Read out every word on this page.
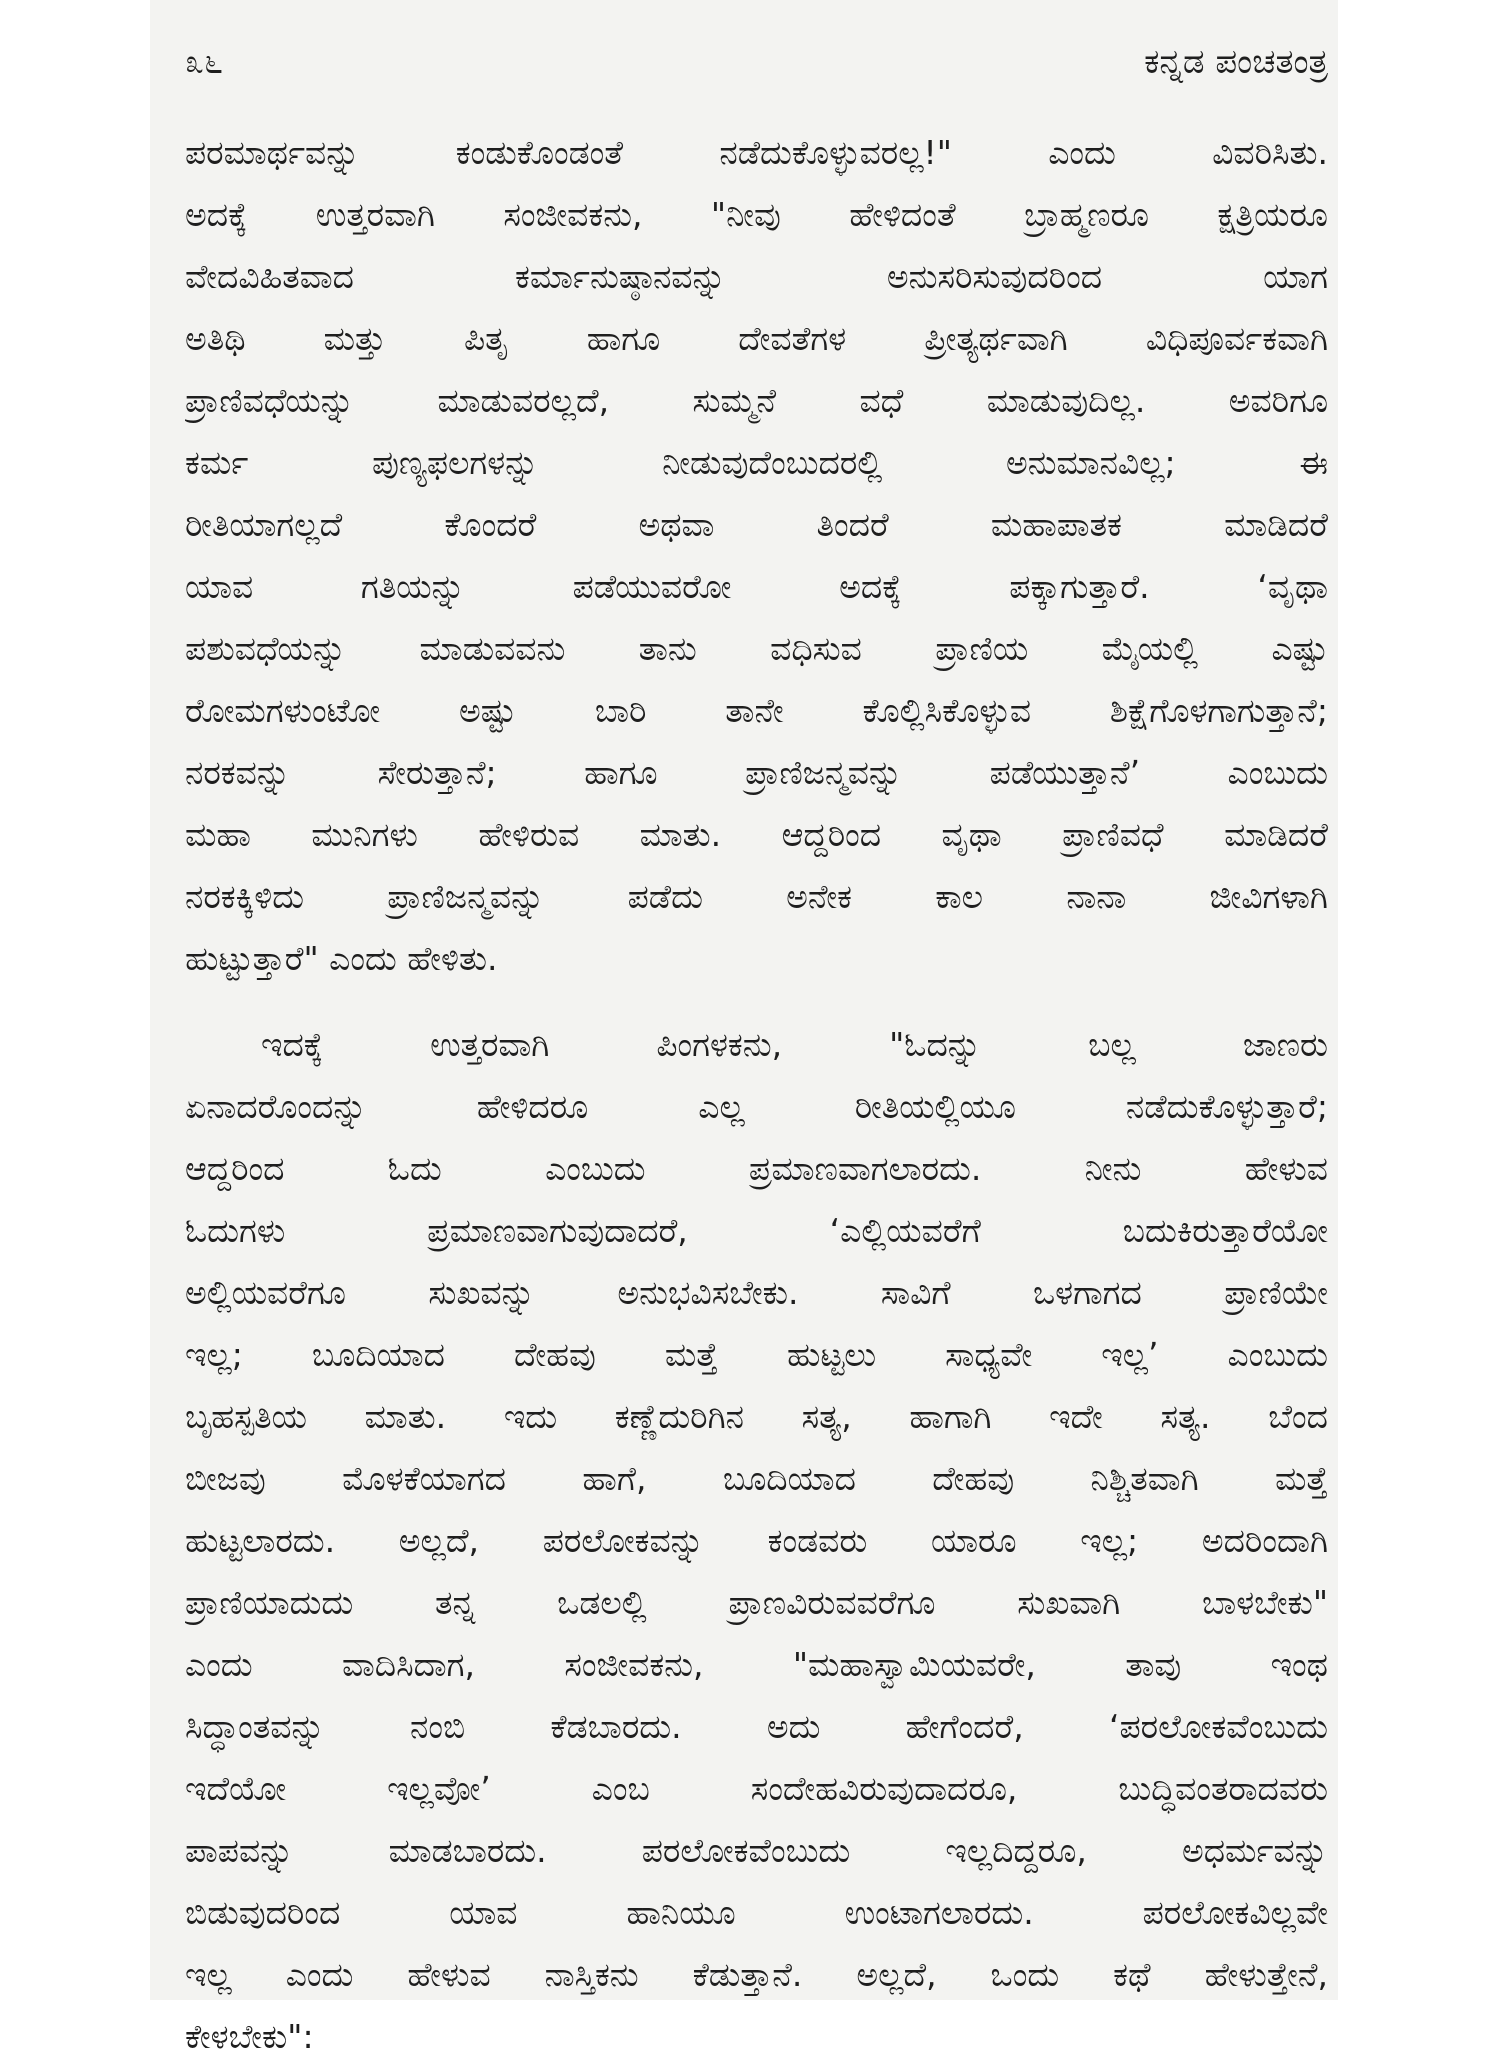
೩೬	ಕನ್ನಡ ಪಂಚತಂತ್ರ
ಪರಮಾರ್ಥವನ್ನು ಕಂಡುಕೊಂಡಂತೆ ನಡೆದುಕೊಳ್ಳುವರಲ್ಲ!" ಎಂದು ವಿವರಿಸಿತು.
ಅದಕ್ಕೆ ಉತ್ತರವಾಗಿ ಸಂಜೀವಕನು, "ನೀವು ಹೇಳಿದಂತೆ ಬ್ರಾಹ್ಮಣರೂ ಕ್ಷತ್ರಿಯರೂ
ವೇದವಿಹಿತವಾದ ಕರ್ಮಾನುಷ್ಠಾನವನ್ನು ಅನುಸರಿಸುವುದರಿಂದ ಯಾಗ
ಅತಿಥಿ ಮತ್ತು ಪಿತೃ ಹಾಗೂ ದೇವತೆಗಳ ಪ್ರೀತ್ಯರ್ಥವಾಗಿ ವಿಧಿಪೂರ್ವಕವಾಗಿ
ಪ್ರಾಣಿವಧೆಯನ್ನು ಮಾಡುವರಲ್ಲದೆ, ಸುಮ್ಮನೆ ವಧೆ ಮಾಡುವುದಿಲ್ಲ. ಅವರಿಗೂ
ಕರ್ಮ ಪುಣ್ಯಫಲಗಳನ್ನು ನೀಡುವುದೆಂಬುದರಲ್ಲಿ ಅನುಮಾನವಿಲ್ಲ; ಈ
ರೀತಿಯಾಗಲ್ಲದೆ ಕೊಂದರೆ ಅಥವಾ ತಿಂದರೆ ಮಹಾಪಾತಕ ಮಾಡಿದರೆ
ಯಾವ ಗತಿಯನ್ನು ಪಡೆಯುವರೋ ಅದಕ್ಕೆ ಪಕ್ಕಾಗುತ್ತಾರೆ. ‘ವೃಥಾ
ಪಶುವಧೆಯನ್ನು ಮಾಡುವವನು ತಾನು ವಧಿಸುವ ಪ್ರಾಣಿಯ ಮೈಯಲ್ಲಿ ಎಷ್ಟು
ರೋಮಗಳುಂಟೋ ಅಷ್ಟು ಬಾರಿ ತಾನೇ ಕೊಲ್ಲಿಸಿಕೊಳ್ಳುವ ಶಿಕ್ಷೆಗೊಳಗಾಗುತ್ತಾನೆ;
ನರಕವನ್ನು ಸೇರುತ್ತಾನೆ; ಹಾಗೂ ಪ್ರಾಣಿಜನ್ಮವನ್ನು ಪಡೆಯುತ್ತಾನೆ’ ಎಂಬುದು
ಮಹಾ ಮುನಿಗಳು ಹೇಳಿರುವ ಮಾತು. ಆದ್ದರಿಂದ ವೃಥಾ ಪ್ರಾಣಿವಧೆ ಮಾಡಿದರೆ
ನರಕಕ್ಕಿಳಿದು ಪ್ರಾಣಿಜನ್ಮವನ್ನು ಪಡೆದು ಅನೇಕ ಕಾಲ ನಾನಾ ಜೀವಿಗಳಾಗಿ
ಹುಟ್ಟುತ್ತಾರೆ" ಎಂದು ಹೇಳಿತು.
ಇದಕ್ಕೆ ಉತ್ತರವಾಗಿ ಪಿಂಗಳಕನು, "ಓದನ್ನು ಬಲ್ಲ ಜಾಣರು
ಏನಾದರೊಂದನ್ನು ಹೇಳಿದರೂ ಎಲ್ಲ ರೀತಿಯಲ್ಲಿಯೂ ನಡೆದುಕೊಳ್ಳುತ್ತಾರೆ;
ಆದ್ದರಿಂದ ಓದು ಎಂಬುದು ಪ್ರಮಾಣವಾಗಲಾರದು. ನೀನು ಹೇಳುವ
ಓದುಗಳು ಪ್ರಮಾಣವಾಗುವುದಾದರೆ, ‘ಎಲ್ಲಿಯವರೆಗೆ ಬದುಕಿರುತ್ತಾರೆಯೋ
ಅಲ್ಲಿಯವರೆಗೂ ಸುಖವನ್ನು ಅನುಭವಿಸಬೇಕು. ಸಾವಿಗೆ ಒಳಗಾಗದ ಪ್ರಾಣಿಯೇ
ಇಲ್ಲ; ಬೂದಿಯಾದ ದೇಹವು ಮತ್ತೆ ಹುಟ್ಟಲು ಸಾಧ್ಯವೇ ಇಲ್ಲ’ ಎಂಬುದು
ಬೃಹಸ್ಪತಿಯ ಮಾತು. ಇದು ಕಣ್ಣೆದುರಿಗಿನ ಸತ್ಯ, ಹಾಗಾಗಿ ಇದೇ ಸತ್ಯ. ಬೆಂದ
ಬೀಜವು ಮೊಳಕೆಯಾಗದ ಹಾಗೆ, ಬೂದಿಯಾದ ದೇಹವು ನಿಶ್ಚಿತವಾಗಿ ಮತ್ತೆ
ಹುಟ್ಟಲಾರದು. ಅಲ್ಲದೆ, ಪರಲೋಕವನ್ನು ಕಂಡವರು ಯಾರೂ ಇಲ್ಲ; ಅದರಿಂದಾಗಿ
ಪ್ರಾಣಿಯಾದುದು ತನ್ನ ಒಡಲಲ್ಲಿ ಪ್ರಾಣವಿರುವವರೆಗೂ ಸುಖವಾಗಿ ಬಾಳಬೇಕು"
ಎಂದು ವಾದಿಸಿದಾಗ, ಸಂಜೀವಕನು, "ಮಹಾಸ್ವಾಮಿಯವರೇ, ತಾವು ಇಂಥ
ಸಿದ್ಧಾಂತವನ್ನು ನಂಬಿ ಕೆಡಬಾರದು. ಅದು ಹೇಗೆಂದರೆ, ‘ಪರಲೋಕವೆಂಬುದು
ಇದೆಯೋ ಇಲ್ಲವೋ’ ಎಂಬ ಸಂದೇಹವಿರುವುದಾದರೂ, ಬುದ್ಧಿವಂತರಾದವರು
ಪಾಪವನ್ನು ಮಾಡಬಾರದು. ಪರಲೋಕವೆಂಬುದು ಇಲ್ಲದಿದ್ದರೂ, ಅಧರ್ಮವನ್ನು
ಬಿಡುವುದರಿಂದ ಯಾವ ಹಾನಿಯೂ ಉಂಟಾಗಲಾರದು. ಪರಲೋಕವಿಲ್ಲವೇ
ಇಲ್ಲ ಎಂದು ಹೇಳುವ ನಾಸ್ತಿಕನು ಕೆಡುತ್ತಾನೆ. ಅಲ್ಲದೆ, ಒಂದು ಕಥೆ ಹೇಳುತ್ತೇನೆ,
ಕೇಳಬೇಕು":
